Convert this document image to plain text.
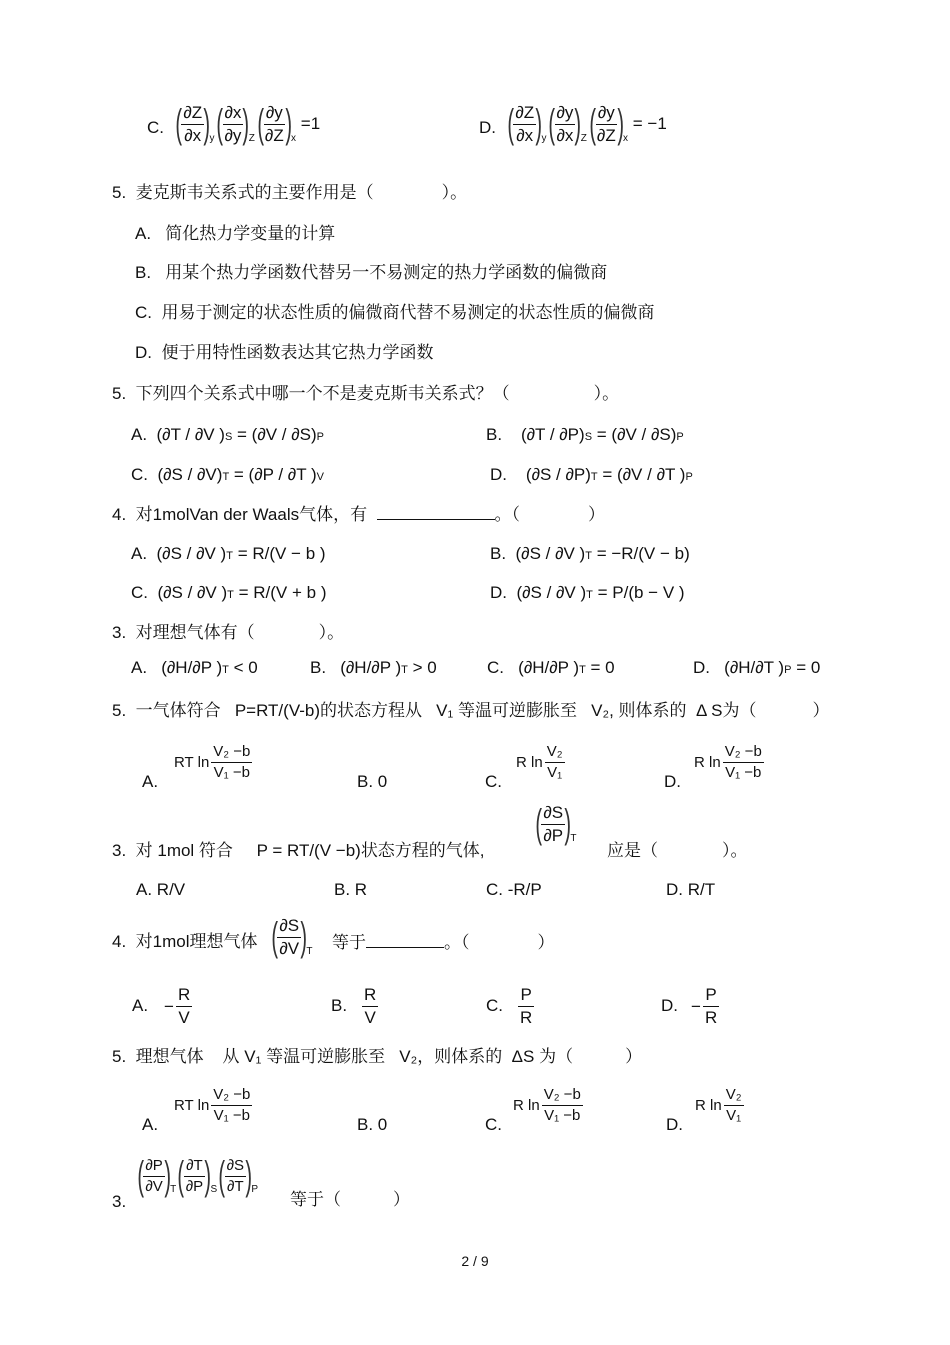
C. ( $\frac{\partial Z}{\partial x}$ ) y
( $\frac{\partial x}{\partial y}$ ) Z
( $\frac{\partial y}{\partial Z}$ ) x
=1	D. ( $\frac{\partial Z}{\partial x}$ ) y
( $\frac{\partial y}{\partial x}$ ) Z
( $\frac{\partial y}{\partial Z}$ ) x
= −1
5. 麦克斯韦关系式的主要作用是（	）。
A. 简化热力学变量的计算
B. 用某个热力学函数代替另一不易测定的热力学函数的偏微商
C. 用易于测定的状态性质的偏微商代替不易测定的状态性质的偏微商
D. 便于用特性函数表达其它热力学函数
5. 下列四个关系式中哪一个不是麦克斯韦关系式？（	）。
A. (∂T / ∂V )S = (∂V / ∂S)P	B. (∂T / ∂P)S = (∂V / ∂S)P
C. (∂S / ∂V)T = (∂P / ∂T )V	D. (∂S / ∂P)T = (∂V / ∂T )P
4. 对1molVan der Waals气体，有	。（　　　　）
A. (∂S / ∂V )T = R/(V − b )	B. (∂S / ∂V )T = −R/(V − b)
C. (∂S / ∂V )T = R/(V + b )	D. (∂S / ∂V )T = P/(b − V )
3. 对理想气体有（	）。
A. (∂H/∂P )T < 0	B. (∂H/∂P )T > 0	C. (∂H/∂P )T = 0	D. (∂H/∂T )P = 0
5. 一气体符合 P=RT/(V-b)的状态方程从 V₁ 等温可逆膨胀至 V₂, 则体系的 Δ S为（	）
A.
RT $\ln \frac{\text{V₂ −b}}{\text{V₁ −b}}$
B. 0	C.
R $\ln \frac{\text{V₂}}{\text{V₁}}$
D.
R $\ln \frac{\text{V₂ −b}}{\text{V₁ −b}}$
3. 对 1mol 符合 P = RT/(V −b)状态方程的气体,
( $\frac{\partial S}{\partial P}$ ) T
应是（	）。
A. R/V	B. R	C. -R/P	D. R/T
4. 对1mol理想气体 ( $\frac{\partial S}{\partial V}$ ) T 等于	。（　　　　）
A. − $\frac{R}{V}$	B. $\frac{R}{V}$	C. $\frac{P}{R}$	D. − $\frac{P}{R}$
5. 理想气体 从 V₁ 等温可逆膨胀至 V₂，则体系的 ΔS 为（	）
A.
RT $\ln \frac{\text{V₂ −b}}{\text{V₁ −b}}$
B. 0	C.
R $\ln \frac{\text{V₂ −b}}{\text{V₁ −b}}$
D.
R $\ln \frac{\text{V₂}}{\text{V₁}}$
3.
( $\frac{\partial P}{\partial V}$ ) T
( $\frac{\partial T}{\partial P}$ ) S
( $\frac{\partial S}{\partial T}$ ) P
等于（	）
2 / 9
